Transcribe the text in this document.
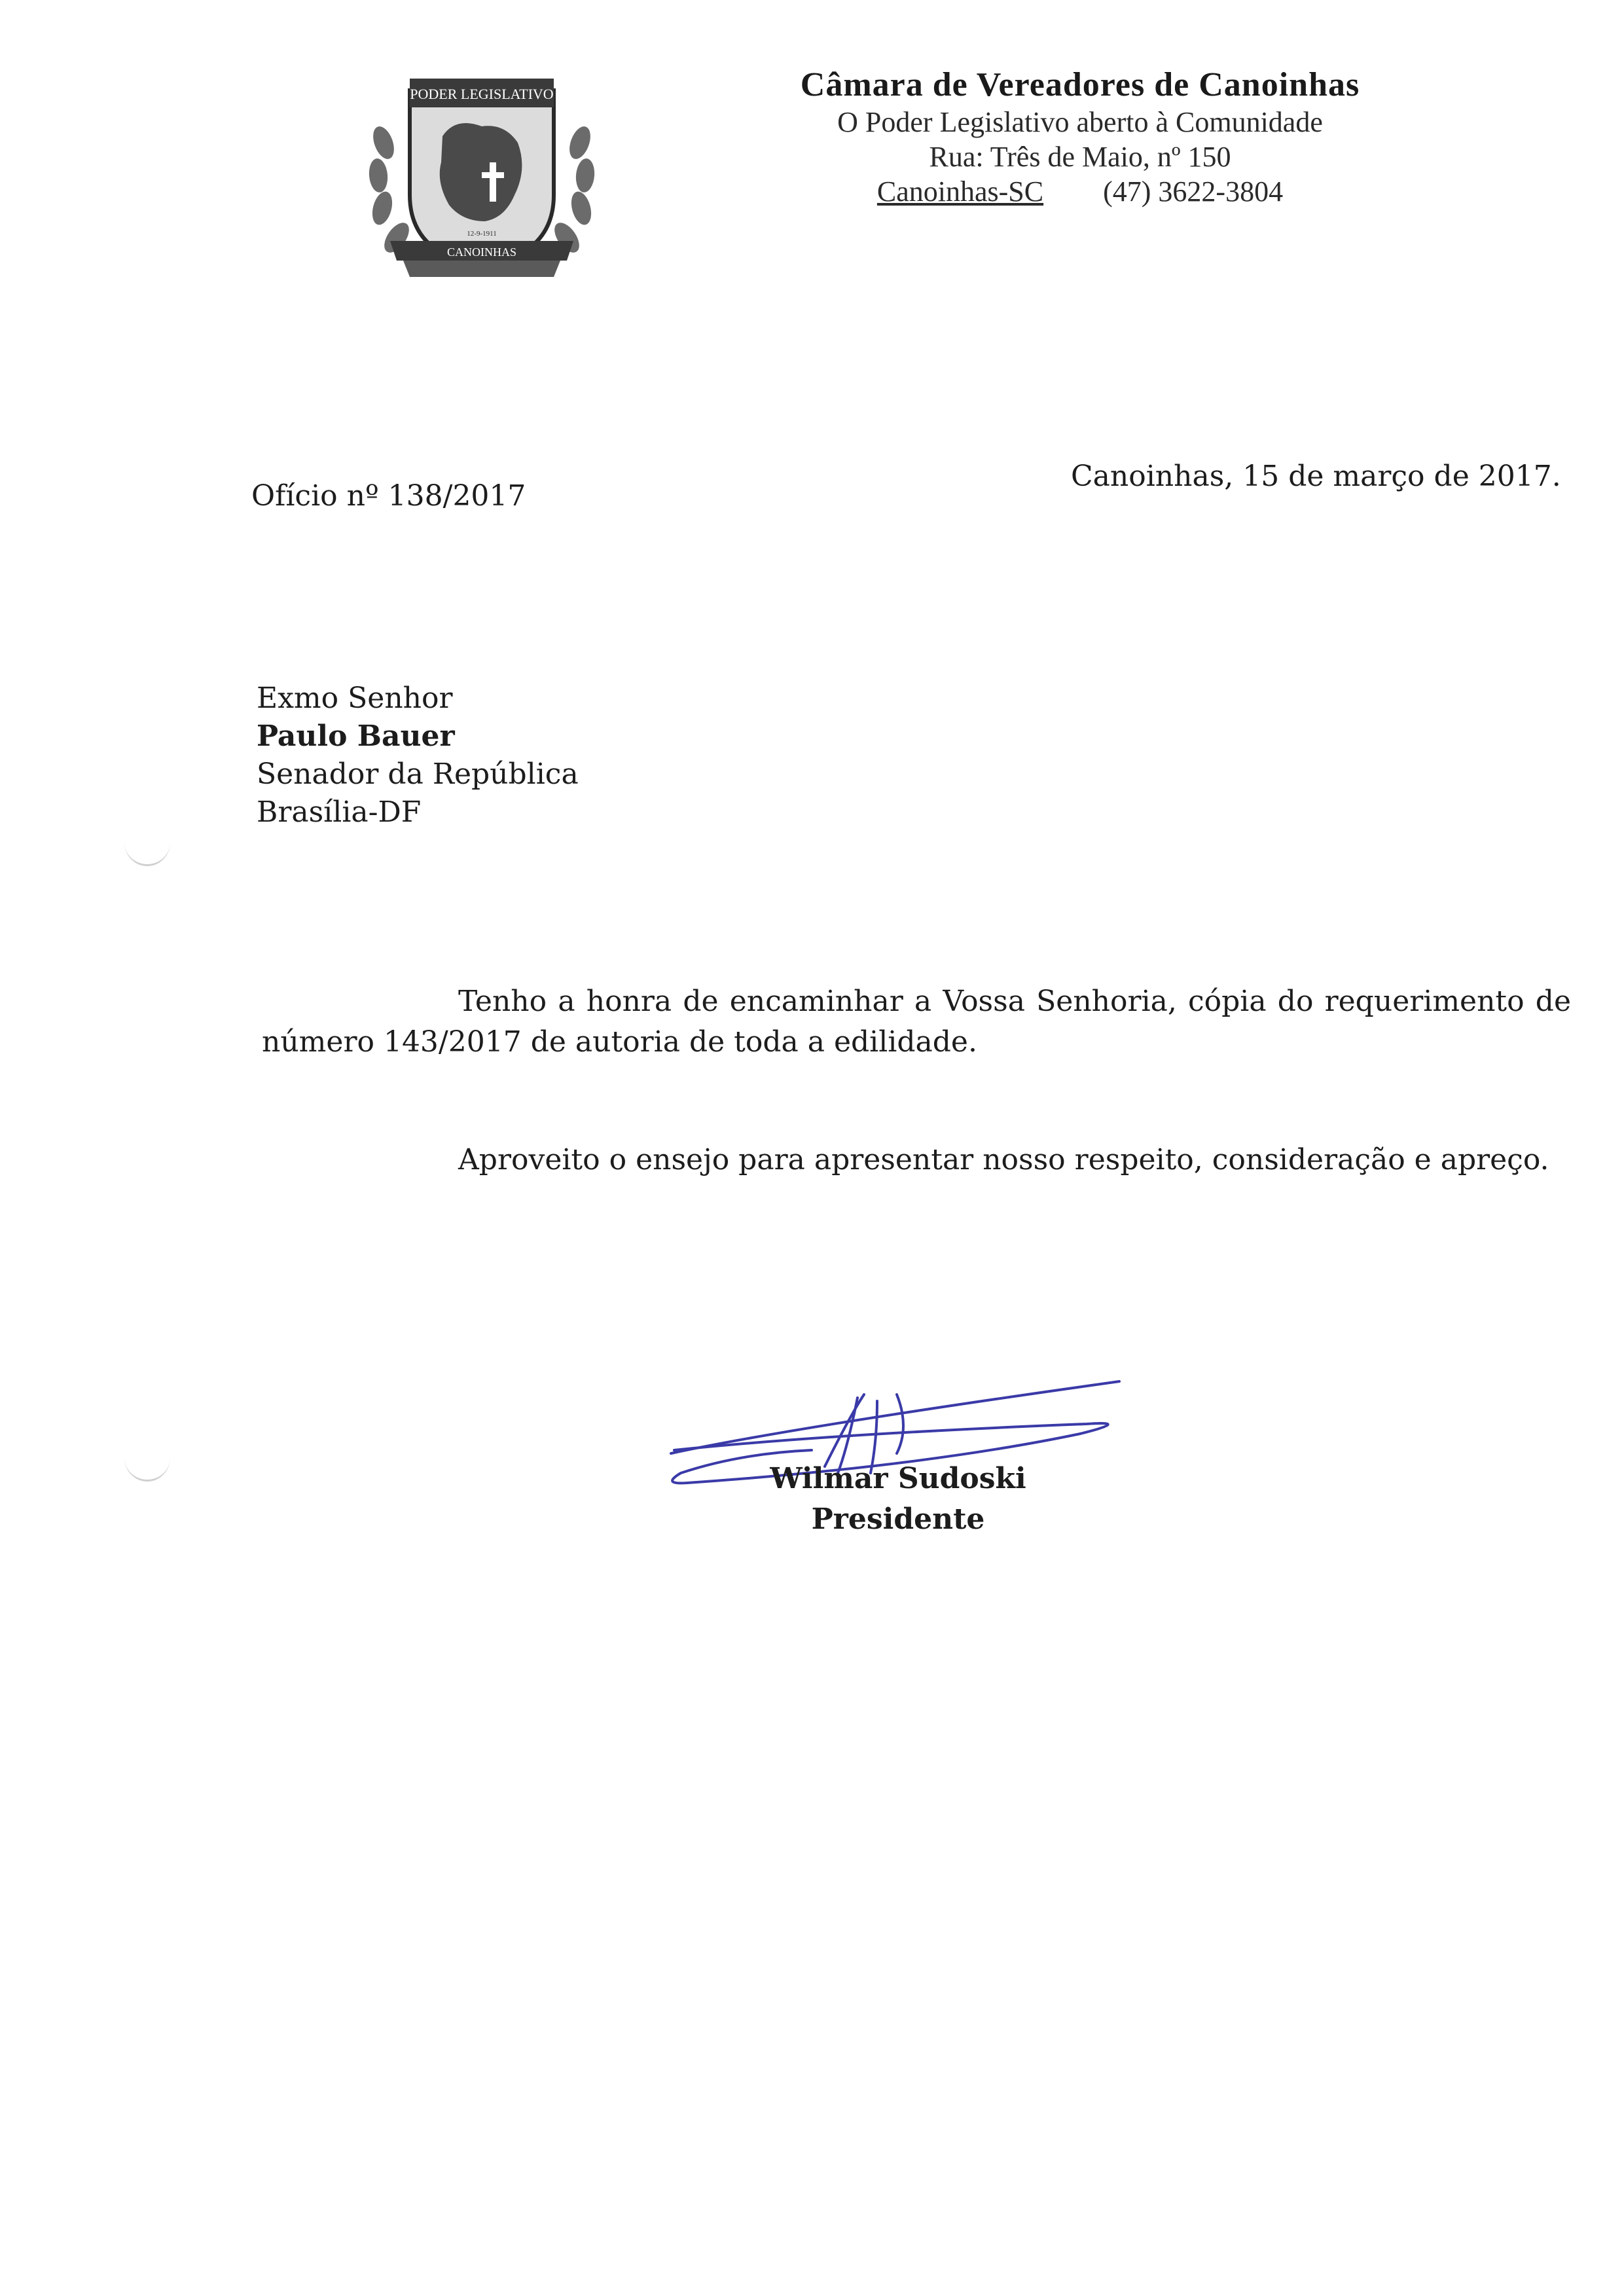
PODER LEGISLATIVO
12-9-1911
CANOINHAS
Câmara de Vereadores de Canoinhas
O Poder Legislativo aberto à Comunidade
Rua: Três de Maio, nº 150
Canoinhas-SC (47) 3622-3804
Ofício nº 138/2017
Canoinhas, 15 de março de 2017.
Exmo Senhor
Paulo Bauer
Senador da República
Brasília-DF
Tenho a honra de encaminhar a Vossa Senhoria, cópia do requerimento de
número 143/2017 de autoria de toda a edilidade.
Aproveito o ensejo para apresentar nosso respeito, consideração e apreço.
Wilmar Sudoski
Presidente
